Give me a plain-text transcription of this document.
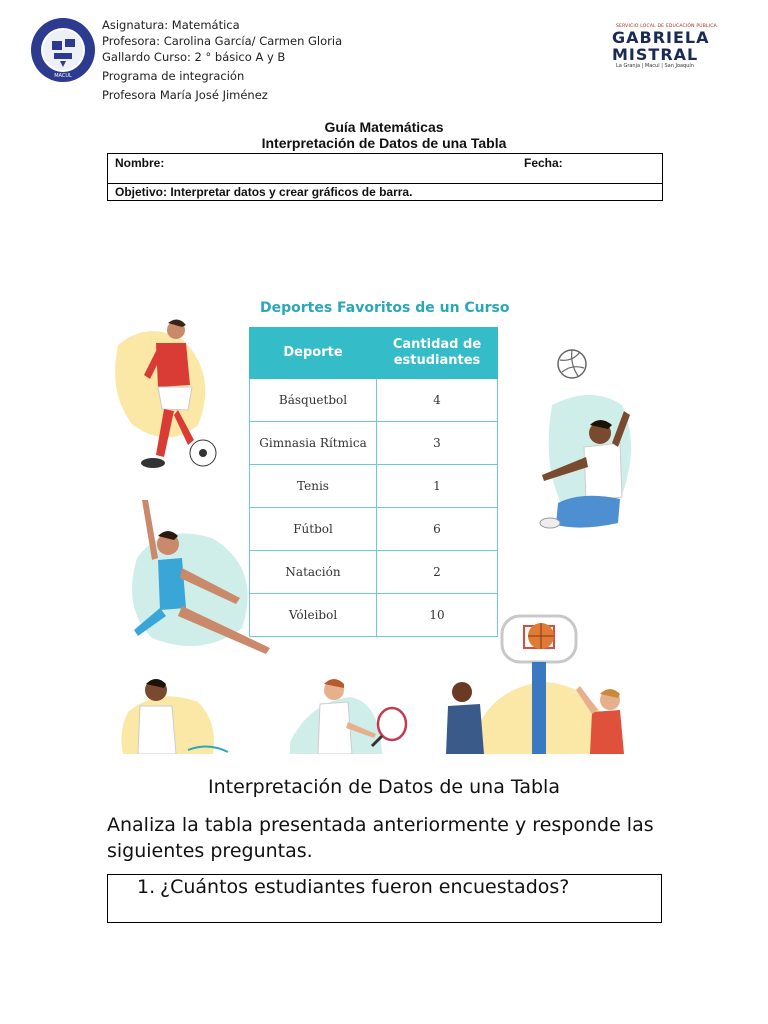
MACUL
Asignatura: Matemática
Profesora: Carolina García/ Carmen Gloria
Gallardo Curso: 2 ° básico A y B
Programa de integración
Profesora María José Jiménez
SERVICIO LOCAL DE EDUCACIÓN PÚBLICA
GABRIELA
MISTRAL
La Granja | Macul | San Joaquín
Guía Matemáticas
Interpretación de Datos de una Tabla
Nombre:	Fecha:
Objetivo: Interpretar datos y crear gráficos de barra.
Deportes Favoritos de un Curso
Deporte	Cantidad de estudiantes
Básquetbol	4
Gimnasia Rítmica	3
Tenis	1
Fútbol	6
Natación	2
Vóleibol	10
Interpretación de Datos de una Tabla
Analiza la tabla presentada anteriormente y responde las siguientes preguntas.
1. ¿Cuántos estudiantes fueron encuestados?
